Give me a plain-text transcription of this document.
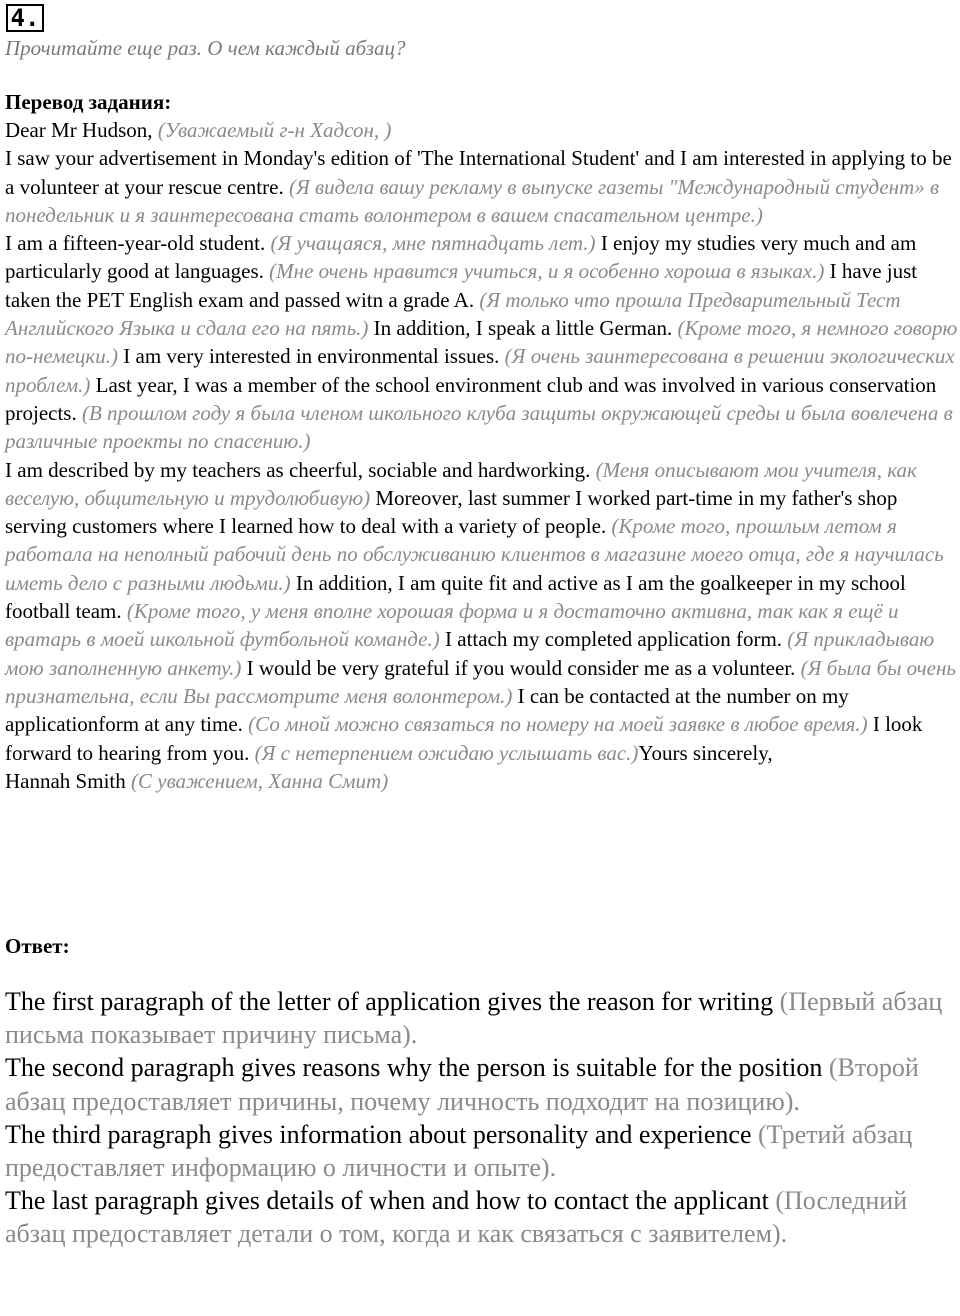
4.
Прочитайте еще раз. О чем каждый абзац?
Перевод задания:
Dear Mr Hudson, (Уважаемый г-н Хадсон, )
I saw your advertisement in Monday's edition of 'The International Student' and I am interested in applying to be a volunteer at your rescue centre. (Я видела вашу рекламу в выпуске газеты "Международный студент» в понедельник и я заинтересована стать волонтером в вашем спасательном центре.)
I am a fifteen-year-old student. (Я учащаяся, мне пятнадцать лет.) I enjoy my studies very much and am particularly good at languages. (Мне очень нравится учиться, и я особенно хороша в языках.) I have just taken the PET English exam and passed witn a grade A. (Я только что прошла Предварительный Тест Английского Языка и сдала его на пять.) In addition, I speak a little German. (Кроме того, я немного говорю по-немецки.) I am very interested in environmental issues. (Я очень заинтересована в решении экологических проблем.) Last year, I was a member of the school environment club and was involved in various conservation projects. (В прошлом году я была членом школьного клуба защиты окружающей среды и была вовлечена в различные проекты по спасению.)
I am described by my teachers as cheerful, sociable and hardworking. (Меня описывают мои учителя, как веселую, общительную и трудолюбивую) Moreover, last summer I worked part-time in my father's shop serving customers where I learned how to deal with a variety of people. (Кроме того, прошлым летом я работала на неполный рабочий день по обслуживанию клиентов в магазине моего отца, где я научилась иметь дело с разными людьми.) In addition, I am quite fit and active as I am the goalkeeper in my school football team. (Кроме того, у меня вполне хорошая форма и я достаточно активна, так как я ещё и вратарь в моей школьной футбольной команде.) I attach my completed application form. (Я прикладываю мою заполненную анкету.) I would be very grateful if you would consider me as a volunteer. (Я была бы очень признательна, если Вы рассмотрите меня волонтером.) I can be contacted at the number on my applicationform at any time. (Со мной можно связаться по номеру на моей заявке в любое время.) I look forward to hearing from you. (Я с нетерпением ожидаю услышать вас.)Yours sincerely,
Hannah Smith (С уважением, Ханна Смит)
Ответ:
The first paragraph of the letter of application gives the reason for writing (Первый абзац письма показывает причину письма).
The second paragraph gives reasons why the person is suitable for the position (Второй абзац предоставляет причины, почему личность подходит на позицию).
The third paragraph gives information about personality and experience (Третий абзац предоставляет информацию о личности и опыте).
The last paragraph gives details of when and how to contact the applicant (Последний абзац предоставляет детали о том, когда и как связаться с заявителем).
